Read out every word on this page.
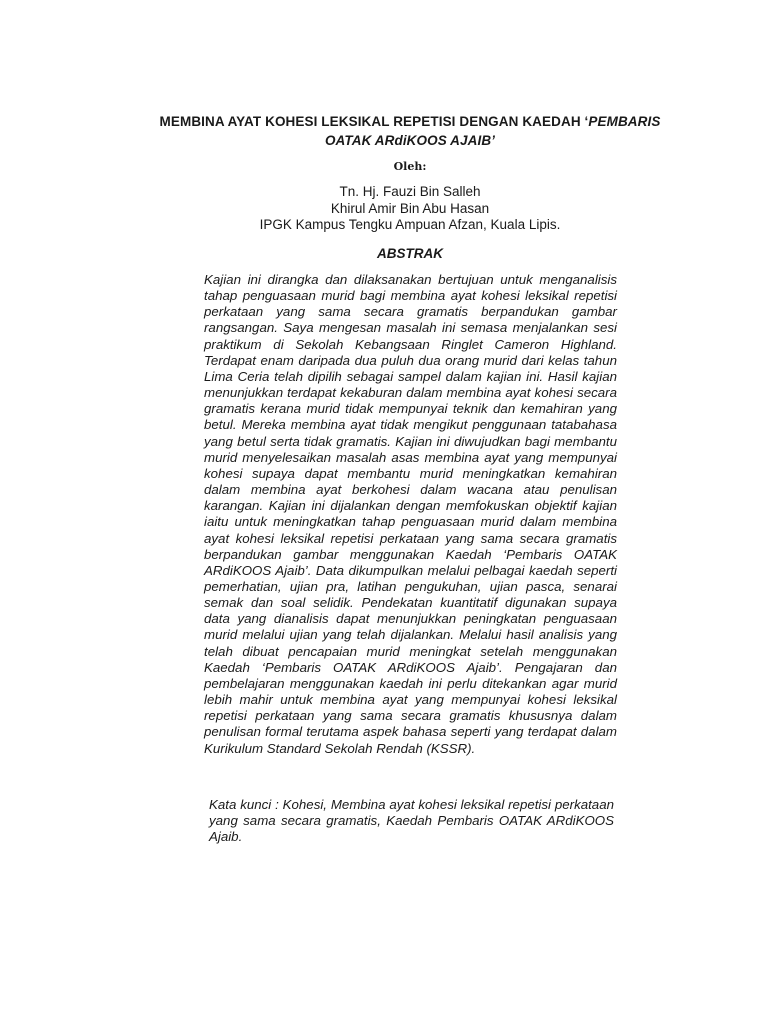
MEMBINA AYAT KOHESI LEKSIKAL REPETISI DENGAN KAEDAH ‘PEMBARIS
OATAK ARdiKOOS AJAIB’
Oleh:
Tn. Hj. Fauzi Bin Salleh
Khirul Amir Bin Abu Hasan
IPGK Kampus Tengku Ampuan Afzan, Kuala Lipis.
ABSTRAK
Kajian ini dirangka dan dilaksanakan bertujuan untuk menganalisis tahap penguasaan murid bagi membina ayat kohesi leksikal repetisi perkataan yang sama secara gramatis berpandukan gambar rangsangan. Saya mengesan masalah ini semasa menjalankan sesi praktikum di Sekolah Kebangsaan Ringlet Cameron Highland. Terdapat enam daripada dua puluh dua orang murid dari kelas tahun Lima Ceria telah dipilih sebagai sampel dalam kajian ini. Hasil kajian menunjukkan terdapat kekaburan dalam membina ayat kohesi secara gramatis kerana murid tidak mempunyai teknik dan kemahiran yang betul. Mereka membina ayat tidak mengikut penggunaan tatabahasa yang betul serta tidak gramatis. Kajian ini diwujudkan bagi membantu murid menyelesaikan masalah asas membina ayat yang mempunyai kohesi supaya dapat membantu murid meningkatkan kemahiran dalam membina ayat berkohesi dalam wacana atau penulisan karangan. Kajian ini dijalankan dengan memfokuskan objektif kajian iaitu untuk meningkatkan tahap penguasaan murid dalam membina ayat kohesi leksikal repetisi perkataan yang sama secara gramatis berpandukan gambar menggunakan Kaedah ‘Pembaris OATAK ARdiKOOS Ajaib’. Data dikumpulkan melalui pelbagai kaedah seperti pemerhatian, ujian pra, latihan pengukuhan, ujian pasca, senarai semak dan soal selidik. Pendekatan kuantitatif digunakan supaya data yang dianalisis dapat menunjukkan peningkatan penguasaan murid melalui ujian yang telah dijalankan. Melalui hasil analisis yang telah dibuat pencapaian murid meningkat setelah menggunakan Kaedah ‘Pembaris OATAK ARdiKOOS Ajaib’. Pengajaran dan pembelajaran menggunakan kaedah ini perlu ditekankan agar murid lebih mahir untuk membina ayat yang mempunyai kohesi leksikal repetisi perkataan yang sama secara gramatis khususnya dalam penulisan formal terutama aspek bahasa seperti yang terdapat dalam Kurikulum Standard Sekolah Rendah (KSSR).
Kata kunci : Kohesi, Membina ayat kohesi leksikal repetisi perkataan yang sama secara gramatis, Kaedah Pembaris OATAK ARdiKOOS Ajaib.
